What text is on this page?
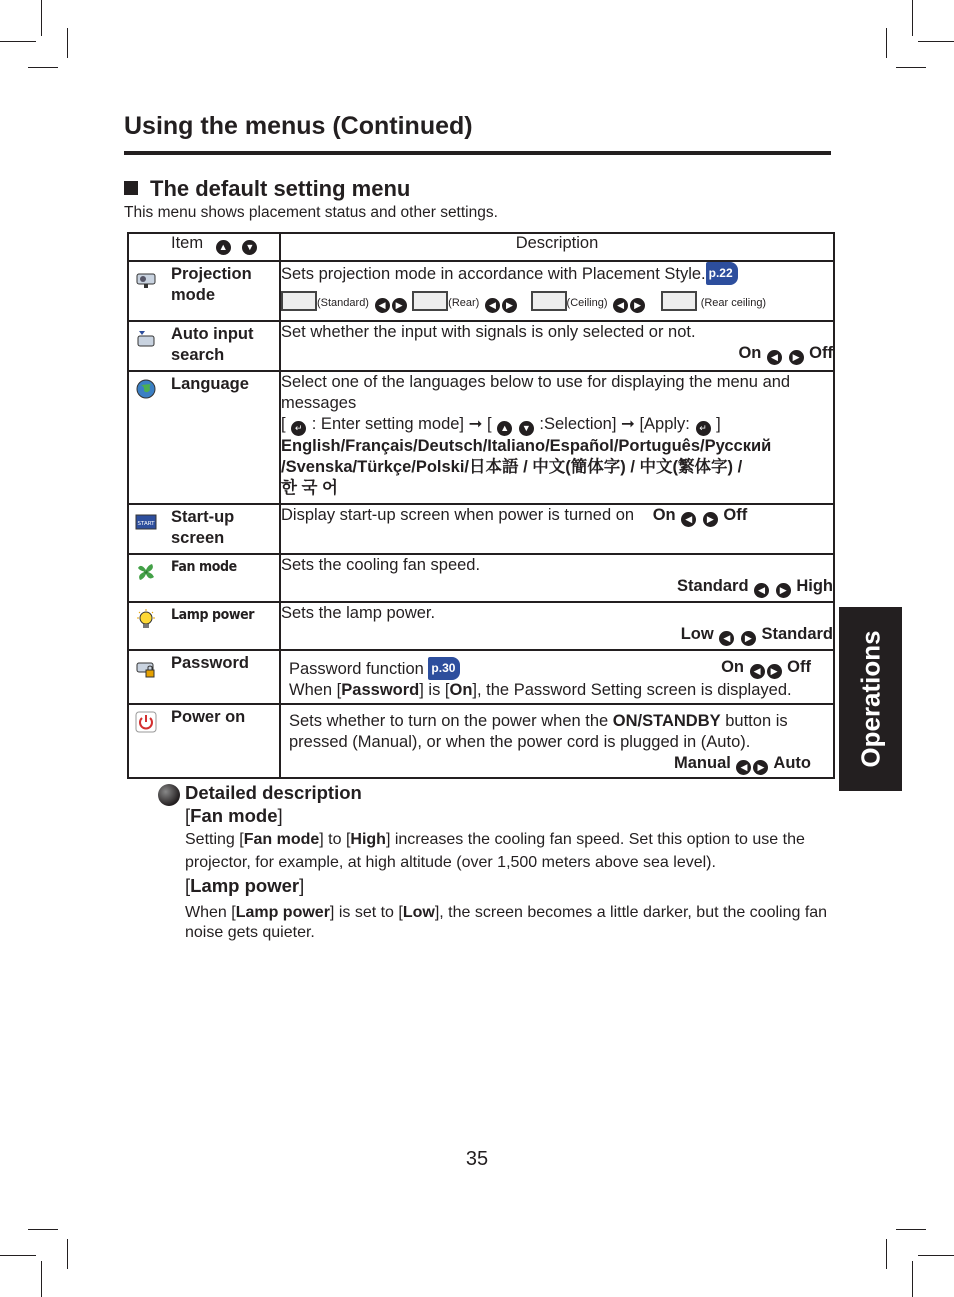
Using the menus (Continued)
The default setting menu
This menu shows placement status and other settings.
Item ▲ ▼	Description

Projection mode	Sets projection mode in accordance with Placement Style. p.22
(Standard) ◀ ▶ (Rear) ◀ ▶ (Ceiling) ◀ ▶ (Rear ceiling)

Auto input search	Set whether the input with signals is only selected or not.
On ◀ ▶ Off

Language	Select one of the languages below to use for displaying the menu and messages
[ ↵ : Enter setting mode] ➞ [ ▲ ▼ :Selection] ➞ [Apply: ↵ ]
English/Français/Deutsch/Italiano/Español/Português/Русский
/Svenska/Türkçe/Polski/日本語 / 中文(簡体字) / 中文(繁体字) /
한 국 어

START Start-up screen	Display start-up screen when power is turned on On ◀ ▶ Off

Fan mode	Sets the cooling fan speed.
Standard ◀ ▶ High

Lamp power	Sets the lamp power.
Low ◀ ▶ Standard

Password	Password function p.30 On ◀ ▶ Off
When [Password] is [On], the Password Setting screen is displayed.

Power on	Sets whether to turn on the power when the ON/STANDBY button is pressed (Manual), or when the power cord is plugged in (Auto).
Manual ◀ ▶ Auto	Operations
Detailed description
[Fan mode]

Setting [Fan mode] to [High] increases the cooling fan speed. Set this option to use the projector, for example, at high altitude (over 1,500 meters above sea level).

[Lamp power]

When [Lamp power] is set to [Low], the screen becomes a little darker, but the cooling fan noise gets quieter.

35
